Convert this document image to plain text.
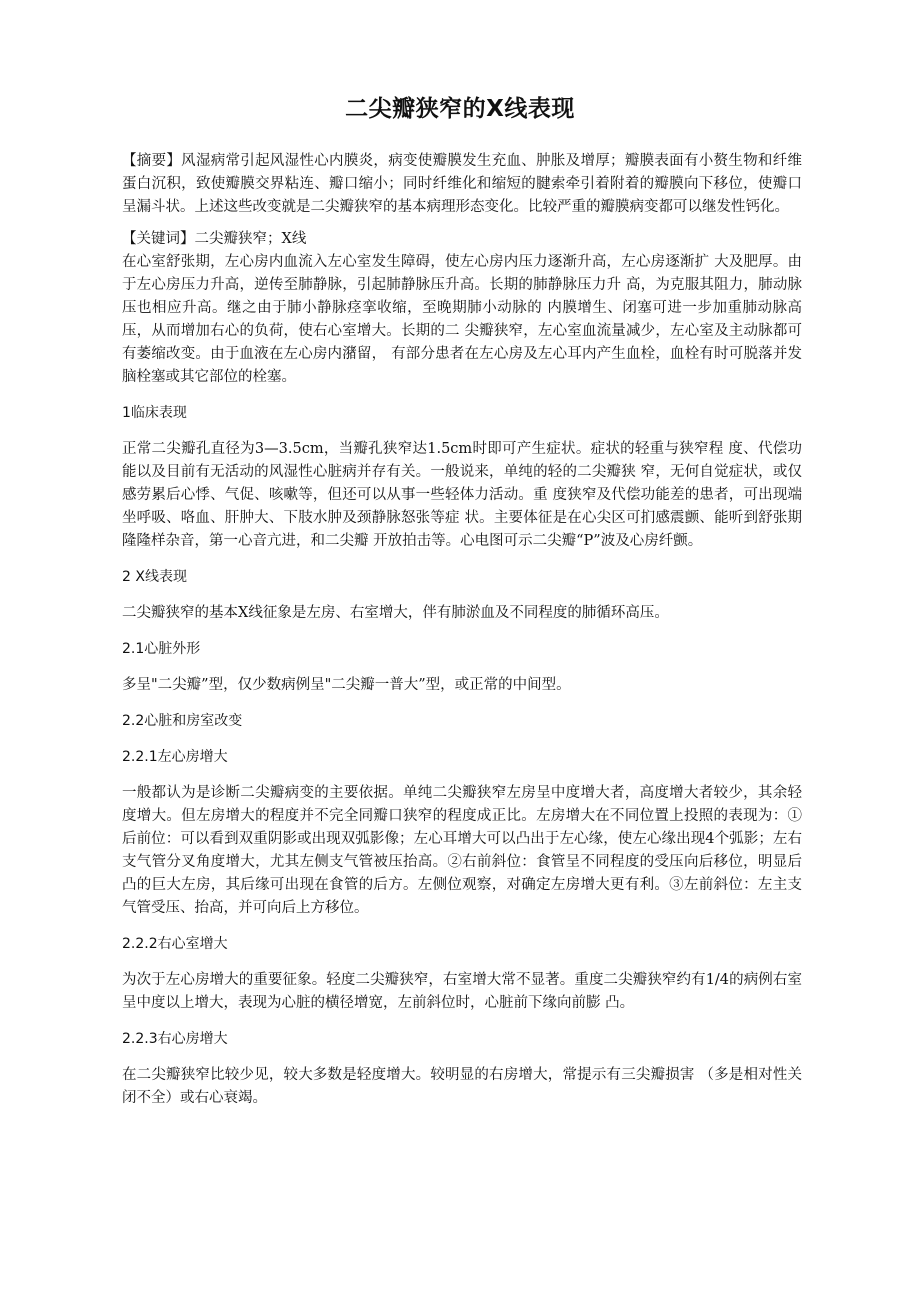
二尖瓣狭窄的X线表现

【摘要】风湿病常引起风湿性心内膜炎，病变使瓣膜发生充血、肿胀及增厚；瓣膜表面有小赘生物和纤维蛋白沉积，致使瓣膜交界粘连、瓣口缩小；同时纤维化和缩短的腱索牵引着附着的瓣膜向下移位，使瓣口呈漏斗状。上述这些改变就是二尖瓣狭窄的基本病理形态变化。比较严重的瓣膜病变都可以继发性钙化。

【关键词】二尖瓣狭窄；X线

在心室舒张期，左心房内血流入左心室发生障碍，使左心房内压力逐渐升高，左心房逐渐扩 大及肥厚。由于左心房压力升高，逆传至肺静脉，引起肺静脉压升高。长期的肺静脉压力升 高，为克服其阻力，肺动脉压也相应升高。继之由于肺小静脉痉挛收缩，至晚期肺小动脉的 内膜增生、闭塞可进一步加重肺动脉高压，从而增加右心的负荷，使右心室增大。长期的二 尖瓣狭窄，左心室血流量减少，左心室及主动脉都可有萎缩改变。由于血液在左心房内潴留， 有部分患者在左心房及左心耳内产生血栓，血栓有时可脱落并发脑栓塞或其它部位的栓塞。

1临床表现

正常二尖瓣孔直径为3—3.5cm，当瓣孔狭窄达1.5cm时即可产生症状。症状的轻重与狭窄程 度、代偿功能以及目前有无活动的风湿性心脏病并存有关。一般说来，单纯的轻的二尖瓣狭 窄，无何自觉症状，或仅感劳累后心悸、气促、咳嗽等，但还可以从事一些轻体力活动。重 度狭窄及代偿功能差的患者，可出现端坐呼吸、咯血、肝肿大、下肢水肿及颈静脉怒张等症 状。主要体征是在心尖区可扪感震颤、能听到舒张期隆隆样杂音，第一心音亢进，和二尖瓣 开放拍击等。心电图可示二尖瓣“P”波及心房纤颤。

2 X线表现

二尖瓣狭窄的基本X线征象是左房、右室增大，伴有肺淤血及不同程度的肺循环高压。

2.1心脏外形

多呈"二尖瓣”型，仅少数病例呈"二尖瓣一普大”型，或正常的中间型。

2.2心脏和房室改变

2.2.1左心房增大

一般都认为是诊断二尖瓣病变的主要依据。单纯二尖瓣狭窄左房呈中度增大者，高度增大者较少，其余轻度增大。但左房增大的程度并不完全同瓣口狭窄的程度成正比。左房增大在不同位置上投照的表现为：①后前位：可以看到双重阴影或出现双弧影像；左心耳增大可以凸出于左心缘，使左心缘出现4个弧影；左右支气管分叉角度增大，尤其左侧支气管被压抬高。②右前斜位：食管呈不同程度的受压向后移位，明显后凸的巨大左房，其后缘可出现在食管的后方。左侧位观察，对确定左房增大更有利。③左前斜位：左主支气管受压、抬高，并可向后上方移位。

2.2.2右心室增大

为次于左心房增大的重要征象。轻度二尖瓣狭窄，右室增大常不显著。重度二尖瓣狭窄约有1/4的病例右室呈中度以上增大，表现为心脏的横径增宽，左前斜位时，心脏前下缘向前膨 凸。

2.2.3右心房增大

在二尖瓣狭窄比较少见，较大多数是轻度增大。较明显的右房增大，常提示有三尖瓣损害 （多是相对性关闭不全）或右心衰竭。
